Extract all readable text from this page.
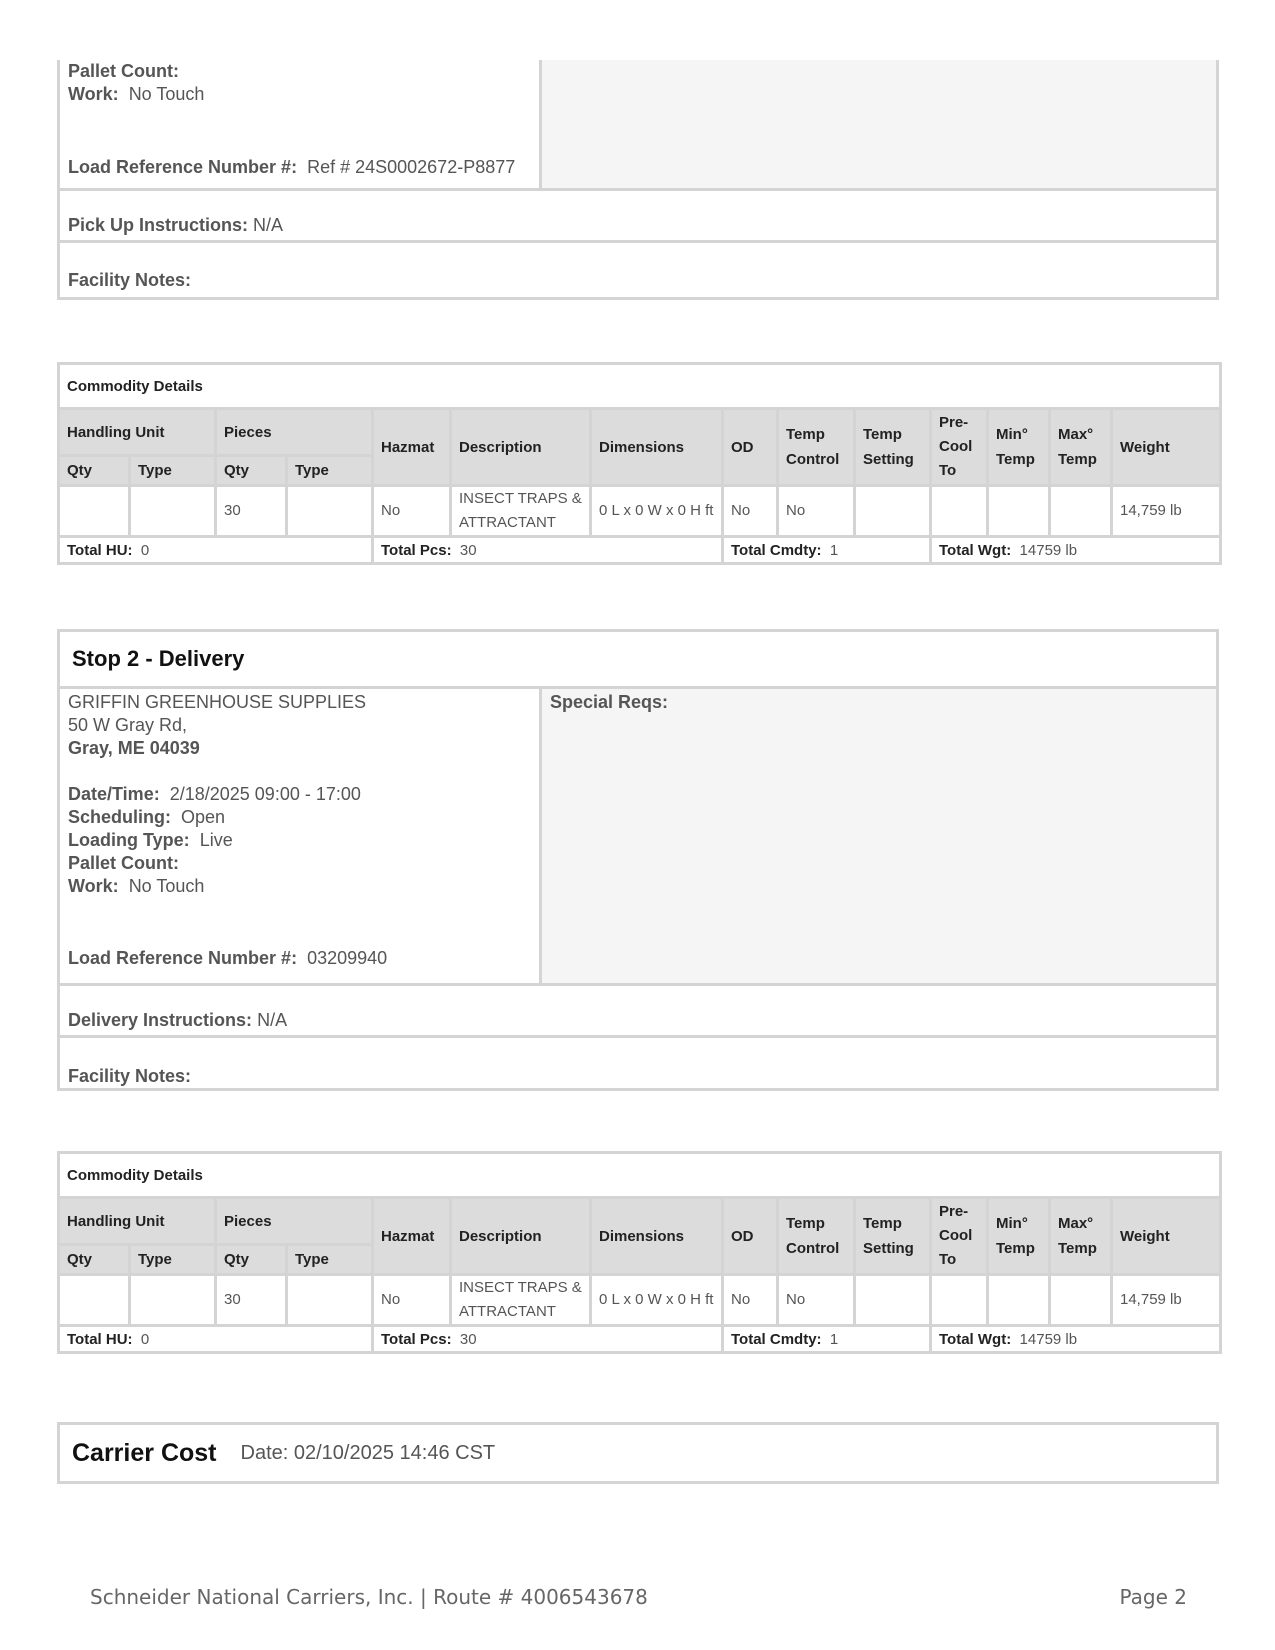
Pallet Count:
Work: No Touch
Load Reference Number #: Ref # 24S0002672-P8877
Pick Up Instructions:
N/A
Facility Notes:
Commodity Details													
Handling Unit		Pieces		Hazmat	Description	Dimensions	OD	Temp Control	Temp Setting	Pre-Cool To	Min° Temp	Max° Temp	Weight
Qty	Type	Qty	Type										
		30		No	INSECT TRAPS & ATTRACTANT	0 L x 0 W x 0 H ft	No	No					14,759 lb
Total HU: 0				Total Pcs: 30			Total Cmdty: 1			Total Wgt: 14759 lb			
Stop 2 - Delivery
GRIFFIN GREENHOUSE SUPPLIES
50 W Gray Rd,
Gray, ME 04039
Date/Time: 2/18/2025 09:00 - 17:00
Scheduling: Open
Loading Type: Live
Pallet Count:
Work: No Touch
Load Reference Number #: 03209940
Special Reqs:
Delivery Instructions:
N/A
Facility Notes:
Commodity Details													
Handling Unit		Pieces		Hazmat	Description	Dimensions	OD	Temp Control	Temp Setting	Pre-Cool To	Min° Temp	Max° Temp	Weight
Qty	Type	Qty	Type										
		30		No	INSECT TRAPS & ATTRACTANT	0 L x 0 W x 0 H ft	No	No					14,759 lb
Total HU: 0				Total Pcs: 30			Total Cmdty: 1			Total Wgt: 14759 lb			
Carrier Cost Date: 02/10/2025 14:46 CST
Schneider National Carriers, Inc. | Route # 4006543678	Page 2
